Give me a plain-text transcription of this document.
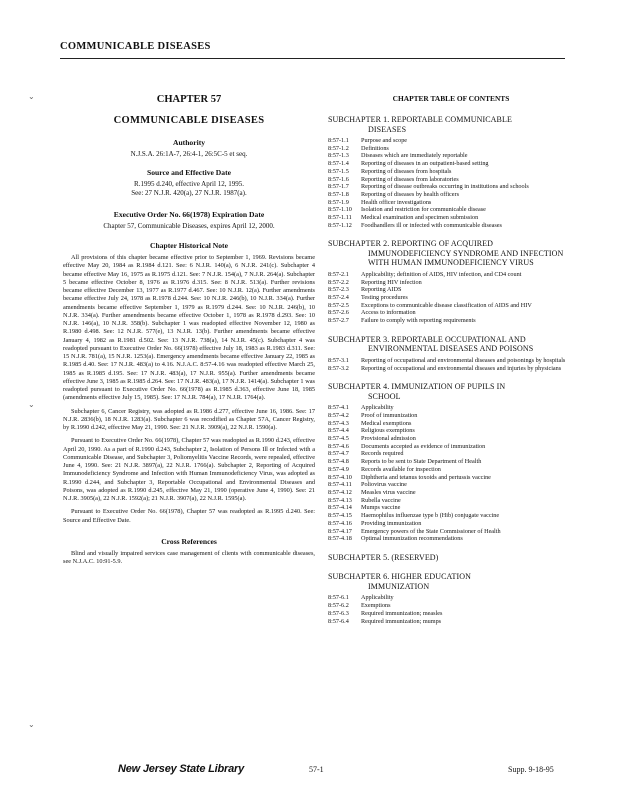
COMMUNICABLE DISEASES
⌄
⌄
⌄
CHAPTER 57
COMMUNICABLE DISEASES
Authority
N.J.S.A. 26:1A-7, 26:4-1, 26:5C-5 et seq.
Source and Effective Date
R.1995 d.240, effective April 12, 1995.
See: 27 N.J.R. 420(a), 27 N.J.R. 1987(a).
Executive Order No. 66(1978) Expiration Date
Chapter 57, Communicable Diseases, expires April 12, 2000.
Chapter Historical Note
All provisions of this chapter became effective prior to September 1, 1969. Revisions became effective May 20, 1984 as R.1984 d.121. See: 6 N.J.R. 140(a), 6 N.J.R. 241(c). Subchapter 4 became effective May 16, 1975 as R.1975 d.121. See: 7 N.J.R. 154(a), 7 N.J.R. 264(a). Subchapter 5 became effective October 8, 1976 as R.1976 d.315. See: 8 N.J.R. 513(a). Further revisions became effective December 13, 1977 as R.1977 d.467. See: 10 N.J.R. 12(a). Further amendments became effective July 24, 1978 as R.1978 d.244. See: 10 N.J.R. 246(b), 10 N.J.R. 334(a). Further amendments became effective September 1, 1979 as R.1979 d.244. See: 10 N.J.R. 246(b), 10 N.J.R. 334(a). Further amendments became effective October 1, 1978 as R.1978 d.293. See: 10 N.J.R. 146(a), 10 N.J.R. 358(b). Subchapter 1 was readopted effective November 12, 1980 as R.1980 d.498. See: 12 N.J.R. 577(e), 13 N.J.R. 13(b). Further amendments became effective January 4, 1982 as R.1981 d.502. See: 13 N.J.R. 738(a), 14 N.J.R. 45(c). Subchapter 4 was readopted pursuant to Executive Order No. 66(1978) effective July 18, 1983 as R.1983 d.311. See: 15 N.J.R. 781(a), 15 N.J.R. 1253(a). Emergency amendments became effective January 22, 1985 as R.1985 d.40. See: 17 N.J.R. 483(a) to 4.16. N.J.A.C. 8:57-4.16 was readopted effective March 25, 1985 as R.1985 d.195. See: 17 N.J.R. 483(a), 17 N.J.R. 955(a). Further amendments became effective June 3, 1985 as R.1985 d.264. See: 17 N.J.R. 483(a), 17 N.J.R. 1414(a). Subchapter 1 was readopted pursuant to Executive Order No. 66(1978) as R.1985 d.363, effective June 18, 1985 (amendments effective July 15, 1985). See: 17 N.J.R. 784(a), 17 N.J.R. 1764(a).
Subchapter 6, Cancer Registry, was adopted as R.1986 d.277, effective June 16, 1986. See: 17 N.J.R. 2836(b), 18 N.J.R. 1283(a). Subchapter 6 was recodified as Chapter 57A, Cancer Registry, by R.1990 d.242, effective May 21, 1990. See: 21 N.J.R. 3909(a), 22 N.J.R. 1590(a).
Pursuant to Executive Order No. 66(1978), Chapter 57 was readopted as R.1990 d.243, effective April 20, 1990. As a part of R.1990 d.243, Subchapter 2, Isolation of Persons Ill or Infected with a Communicable Disease, and Subchapter 3, Poliomyelitis Vaccine Records, were repealed, effective June 4, 1990. See: 21 N.J.R. 3897(a), 22 N.J.R. 1766(a). Subchapter 2, Reporting of Acquired Immunodeficiency Syndrome and Infection with Human Immunodeficiency Virus, was adopted as R.1990 d.244, and Subchapter 3, Reportable Occupational and Environmental Diseases and Poisons, was adopted as R.1990 d.245, effective May 21, 1990 (operative June 4, 1990). See: 21 N.J.R. 3905(a), 22 N.J.R. 1592(a); 21 N.J.R. 3907(a), 22 N.J.R. 1595(a).
Pursuant to Executive Order No. 66(1978), Chapter 57 was readopted as R.1995 d.240. See: Source and Effective Date.
Cross References
Blind and visually impaired services case management of clients with communicable diseases, see N.J.A.C. 10:91-5.9.
CHAPTER TABLE OF CONTENTS
SUBCHAPTER 1. REPORTABLE COMMUNICABLE
DISEASES
8:57-1.1	Purpose and scope
8:57-1.2	Definitions
8:57-1.3	Diseases which are immediately reportable
8:57-1.4	Reporting of diseases in an outpatient-based setting
8:57-1.5	Reporting of diseases from hospitals
8:57-1.6	Reporting of diseases from laboratories
8:57-1.7	Reporting of disease outbreaks occurring in institutions and schools
8:57-1.8	Reporting of diseases by health officers
8:57-1.9	Health officer investigations
8:57-1.10	Isolation and restriction for communicable disease
8:57-1.11	Medical examination and specimen submission
8:57-1.12	Foodhandlers ill or infected with communicable diseases
SUBCHAPTER 2. REPORTING OF ACQUIRED
IMMUNODEFICIENCY SYNDROME AND INFECTION WITH HUMAN IMMUNODEFICIENCY VIRUS
8:57-2.1	Applicability; definition of AIDS, HIV infection, and CD4 count
8:57-2.2	Reporting HIV infection
8:57-2.3	Reporting AIDS
8:57-2.4	Testing procedures
8:57-2.5	Exceptions to communicable disease classification of AIDS and HIV
8:57-2.6	Access to information
8:57-2.7	Failure to comply with reporting requirements
SUBCHAPTER 3. REPORTABLE OCCUPATIONAL AND
ENVIRONMENTAL DISEASES AND POISONS
8:57-3.1	Reporting of occupational and environmental diseases and poisonings by hospitals
8:57-3.2	Reporting of occupational and environmental diseases and injuries by physicians
SUBCHAPTER 4. IMMUNIZATION OF PUPILS IN
SCHOOL
8:57-4.1	Applicability
8:57-4.2	Proof of immunization
8:57-4.3	Medical exemptions
8:57-4.4	Religious exemptions
8:57-4.5	Provisional admission
8:57-4.6	Documents accepted as evidence of immunization
8:57-4.7	Records required
8:57-4.8	Reports to be sent to State Department of Health
8:57-4.9	Records available for inspection
8:57-4.10	Diphtheria and tetanus toxoids and pertussis vaccine
8:57-4.11	Poliovirus vaccine
8:57-4.12	Measles virus vaccine
8:57-4.13	Rubella vaccine
8:57-4.14	Mumps vaccine
8:57-4.15	Haemophilus influenzae type b (Hib) conjugate vaccine
8:57-4.16	Providing immunization
8:57-4.17	Emergency powers of the State Commissioner of Health
8:57-4.18	Optimal immunization recommendations
SUBCHAPTER 5. (RESERVED)
SUBCHAPTER 6. HIGHER EDUCATION
IMMUNIZATION
8:57-6.1	Applicability
8:57-6.2	Exemptions
8:57-6.3	Required immunization; measles
8:57-6.4	Required immunization; mumps
New Jersey State Library	57-1	Supp. 9-18-95
